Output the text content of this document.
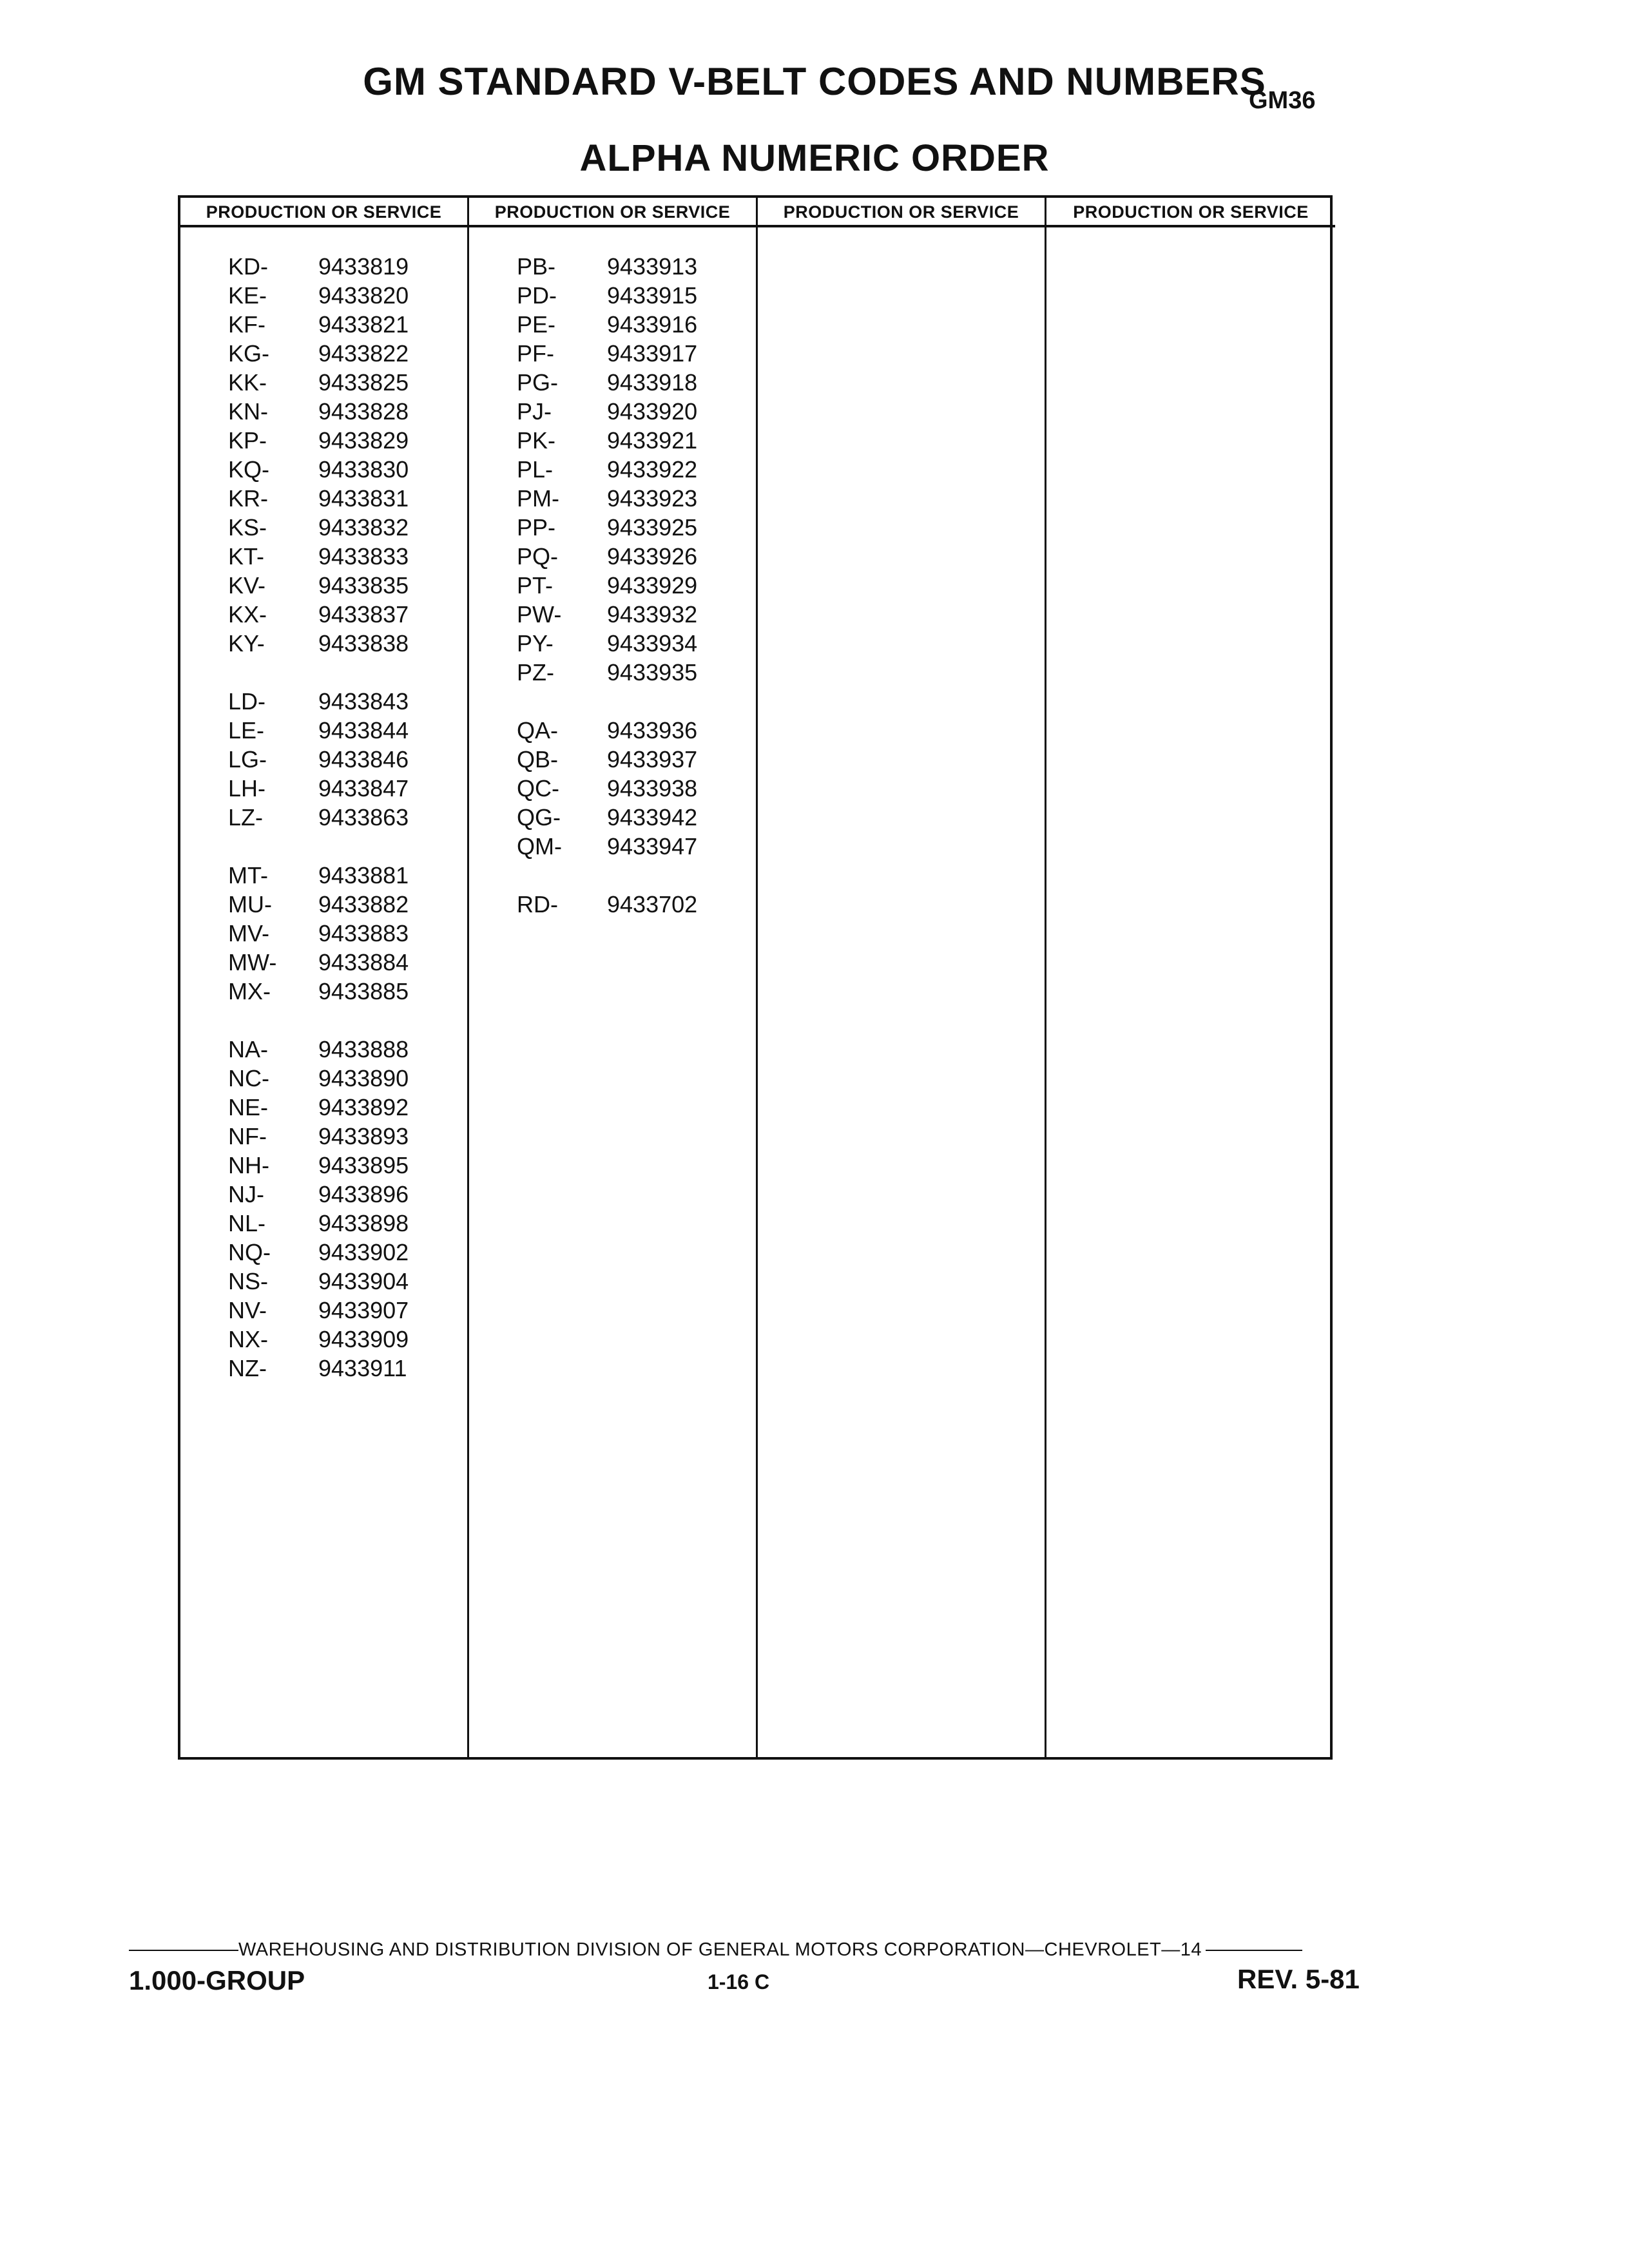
GM STANDARD V-BELT CODES AND NUMBERS
GM36
ALPHA NUMERIC ORDER
PRODUCTION OR SERVICE
KD- 9433819
KE- 9433820
KF- 9433821
KG- 9433822
KK- 9433825
KN- 9433828
KP- 9433829
KQ- 9433830
KR- 9433831
KS- 9433832
KT- 9433833
KV- 9433835
KX- 9433837
KY- 9433838
LD- 9433843
LE- 9433844
LG- 9433846
LH- 9433847
LZ- 9433863
MT- 9433881
MU- 9433882
MV- 9433883
MW- 9433884
MX- 9433885
NA- 9433888
NC- 9433890
NE- 9433892
NF- 9433893
NH- 9433895
NJ- 9433896
NL- 9433898
NQ- 9433902
NS- 9433904
NV- 9433907
NX- 9433909
NZ- 9433911
PRODUCTION OR SERVICE
PB- 9433913
PD- 9433915
PE- 9433916
PF- 9433917
PG- 9433918
PJ- 9433920
PK- 9433921
PL- 9433922
PM- 9433923
PP- 9433925
PQ- 9433926
PT- 9433929
PW- 9433932
PY- 9433934
PZ- 9433935
QA- 9433936
QB- 9433937
QC- 9433938
QG- 9433942
QM- 9433947
RD- 9433702
PRODUCTION OR SERVICE	PRODUCTION OR SERVICE
WAREHOUSING AND DISTRIBUTION DIVISION OF GENERAL MOTORS CORPORATION—CHEVROLET—14
1.000-GROUP	1-16 C	REV. 5-81
